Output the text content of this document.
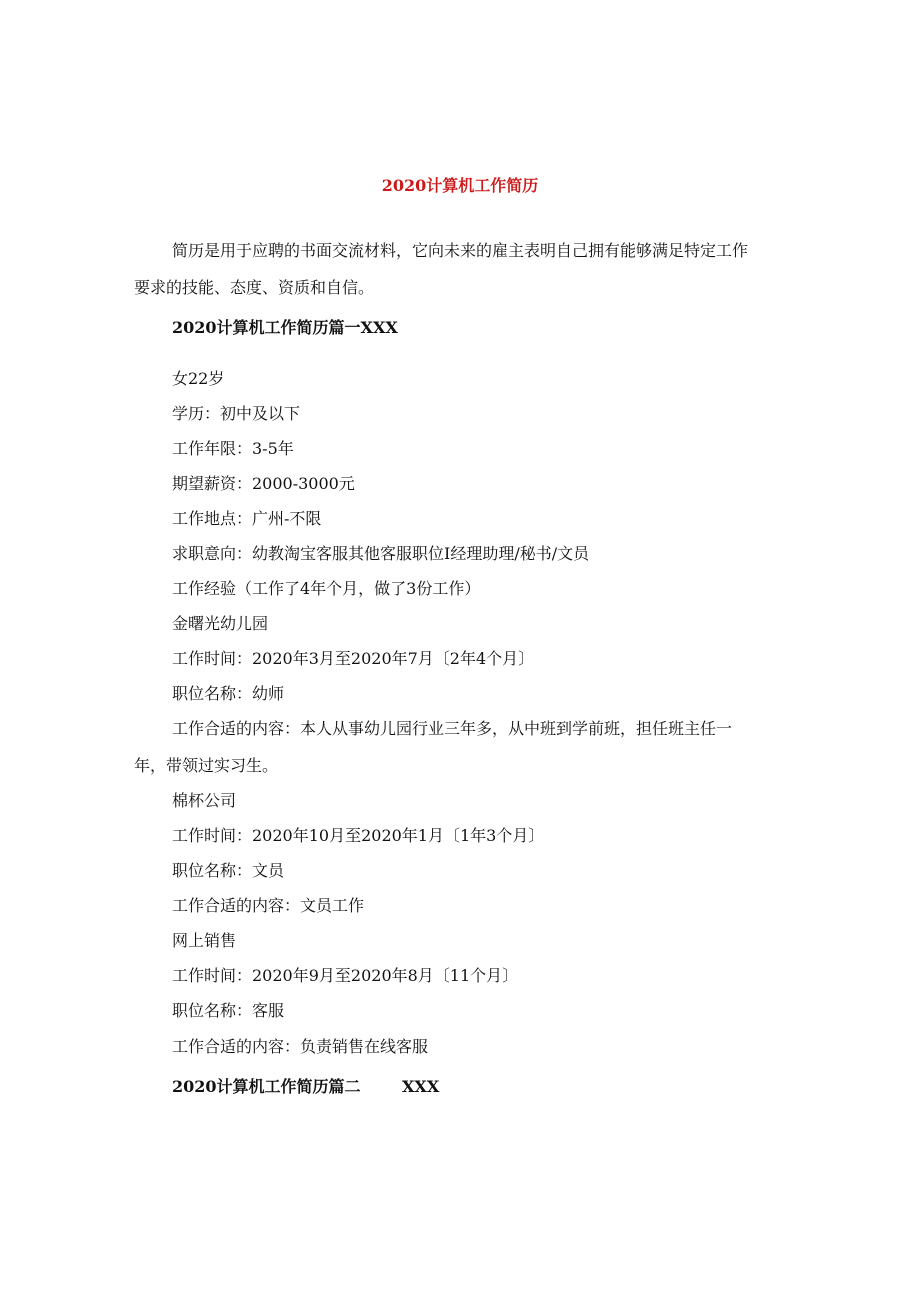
2020计算机工作简历
简历是用于应聘的书面交流材料，它向未来的雇主表明自己拥有能够满足特定工作
要求的技能、态度、资质和自信。
2020计算机工作简历篇一XXX
女22岁
学历：初中及以下
工作年限：3-5年
期望薪资：2000-3000元
工作地点：广州-不限
求职意向：幼教淘宝客服其他客服职位I经理助理/秘书/文员
工作经验（工作了4年个月，做了3份工作）
金曙光幼儿园
工作时间：2020年3月至2020年7月〔2年4个月〕
职位名称：幼师
工作合适的内容：本人从事幼儿园行业三年多，从中班到学前班，担任班主任一
年，带领过实习生。
棉杯公司
工作时间：2020年10月至2020年1月〔1年3个月〕
职位名称：文员
工作合适的内容：文员工作
网上销售
工作时间：2020年9月至2020年8月〔11个月〕
职位名称：客服
工作合适的内容：负责销售在线客服
2020计算机工作简历篇二	XXX
